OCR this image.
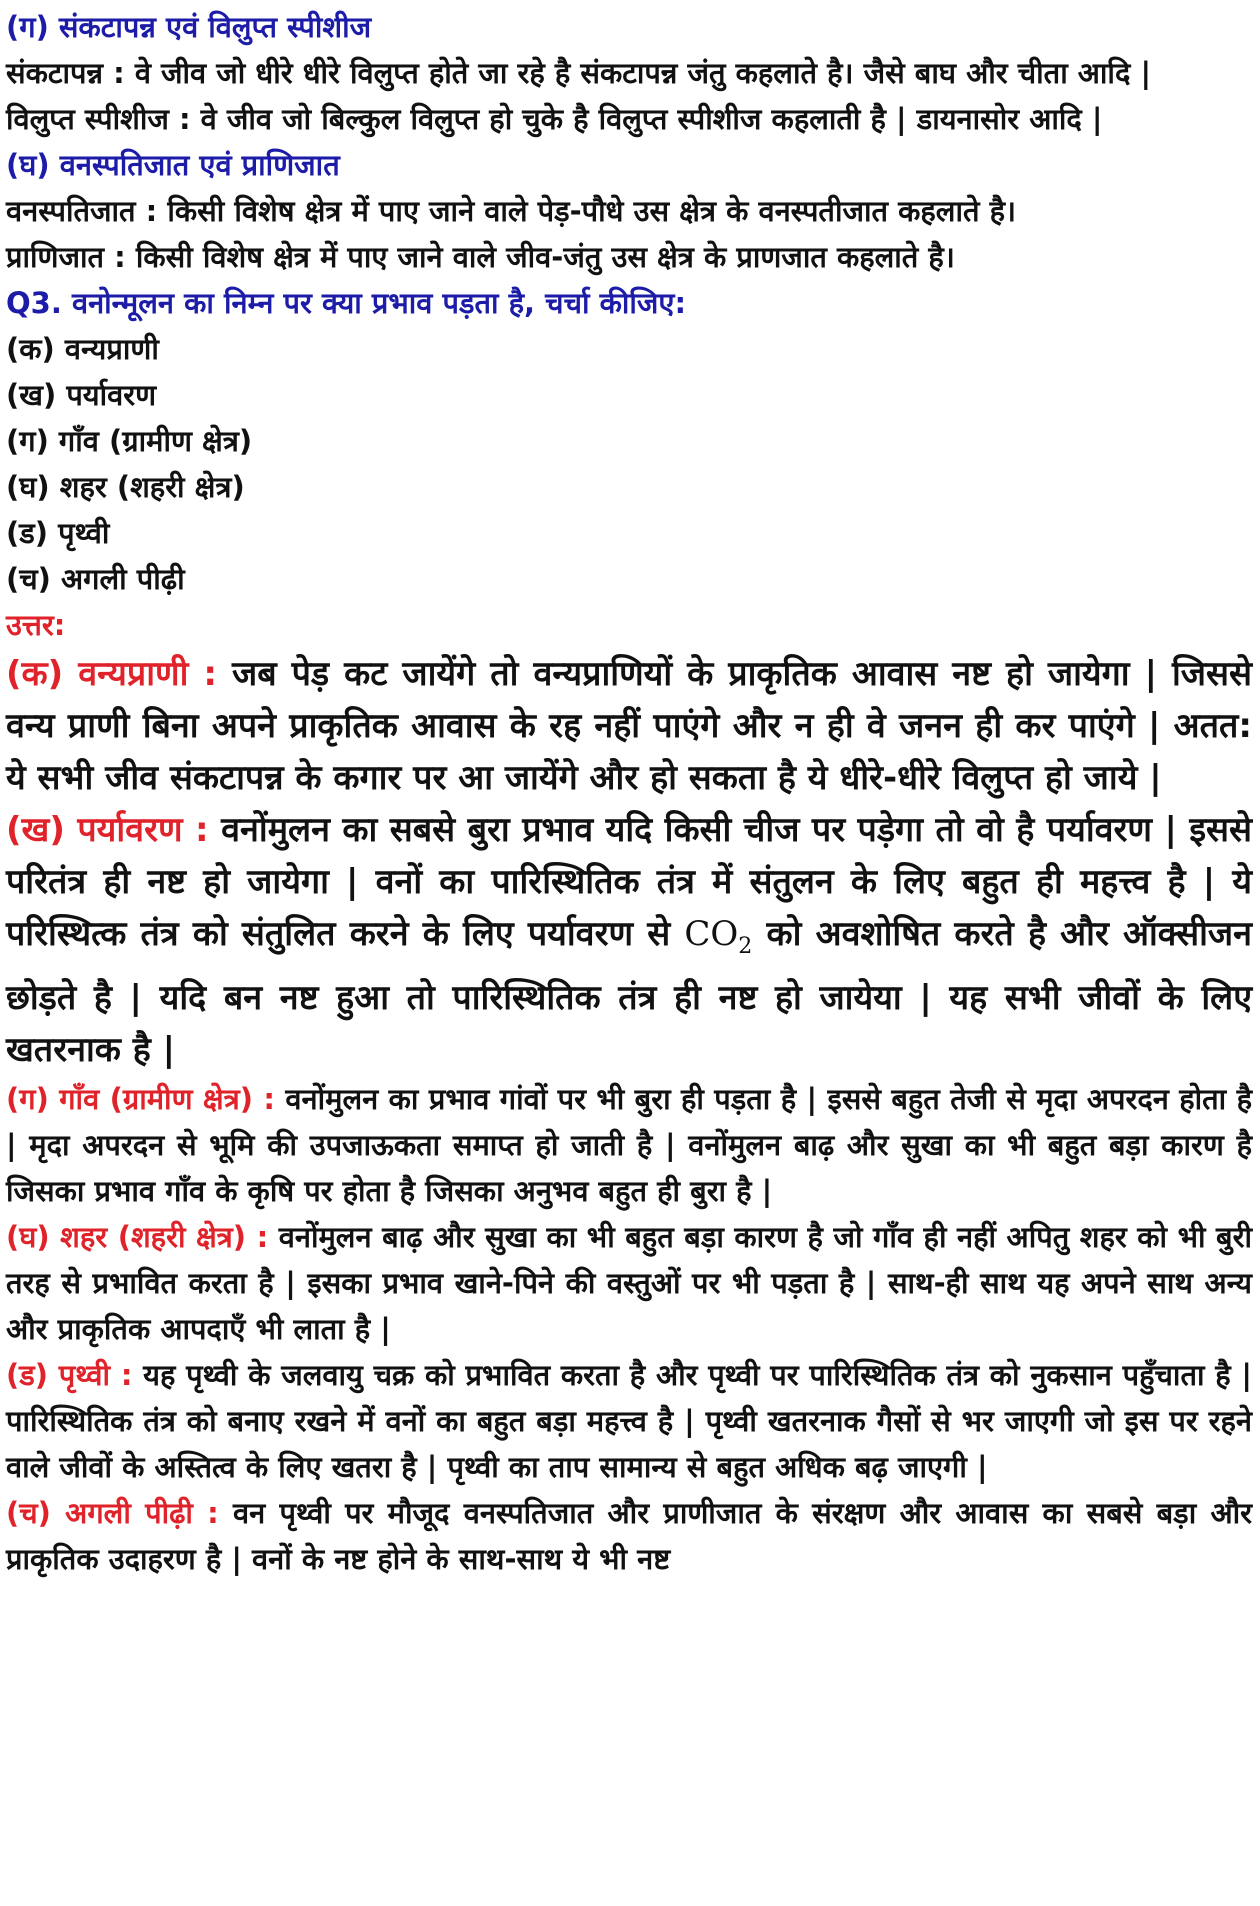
(ग) संकटापन्न एवं विलुप्त स्पीशीज

संकटापन्न : वे जीव जो धीरे धीरे विलुप्त होते जा रहे है संकटापन्न जंतु कहलाते है। जैसे बाघ और चीता आदि |

विलुप्त स्पीशीज : वे जीव जो बिल्कुल विलुप्त हो चुके है विलुप्त स्पीशीज कहलाती है | डायनासोर आदि |

(घ) वनस्पतिजात एवं प्राणिजात

वनस्पतिजात : किसी विशेष क्षेत्र में पाए जाने वाले पेड़-पौधे उस क्षेत्र के वनस्पतीजात कहलाते है।

प्राणिजात : किसी विशेष क्षेत्र में पाए जाने वाले जीव-जंतु उस क्षेत्र के प्राणजात कहलाते है।

Q3. वनोन्मूलन का निम्न पर क्या प्रभाव पड़ता है, चर्चा कीजिए:

(क) वन्यप्राणी

(ख) पर्यावरण

(ग) गाँव (ग्रामीण क्षेत्र)

(घ) शहर (शहरी क्षेत्र)

(ड) पृथ्वी

(च) अगली पीढ़ी

उत्तर:

(क) वन्यप्राणी : जब पेड़ कट जायेंगे तो वन्यप्राणियों के प्राकृतिक आवास नष्ट हो जायेगा | जिससे वन्य प्राणी बिना अपने प्राकृतिक आवास के रह नहीं पाएंगे और न ही वे जनन ही कर पाएंगे | अतत: ये सभी जीव संकटापन्न के कगार पर आ जायेंगे और हो सकता है ये धीरे-धीरे विलुप्त हो जाये |

(ख) पर्यावरण : वनोंमुलन का सबसे बुरा प्रभाव यदि किसी चीज पर पड़ेगा तो वो है पर्यावरण | इससे परितंत्र ही नष्ट हो जायेगा | वनों का पारिस्थितिक तंत्र में संतुलन के लिए बहुत ही महत्त्व है | ये परिस्थित्क तंत्र को संतुलित करने के लिए पर्यावरण से $CO_2$ को अवशोषित करते है और ऑक्सीजन छोड़ते है | यदि बन नष्ट हुआ तो पारिस्थितिक तंत्र ही नष्ट हो जायेया | यह सभी जीवों के लिए खतरनाक है |

(ग) गाँव (ग्रामीण क्षेत्र) : वनोंमुलन का प्रभाव गांवों पर भी बुरा ही पड़ता है | इससे बहुत तेजी से मृदा अपरदन होता है | मृदा अपरदन से भूमि की उपजाऊकता समाप्त हो जाती है | वनोंमुलन बाढ़ और सुखा का भी बहुत बड़ा कारण है जिसका प्रभाव गाँव के कृषि पर होता है जिसका अनुभव बहुत ही बुरा है |

(घ) शहर (शहरी क्षेत्र) : वनोंमुलन बाढ़ और सुखा का भी बहुत बड़ा कारण है जो गाँव ही नहीं अपितु शहर को भी बुरी तरह से प्रभावित करता है | इसका प्रभाव खाने-पिने की वस्तुओं पर भी पड़ता है | साथ-ही साथ यह अपने साथ अन्य और प्राकृतिक आपदाएँ भी लाता है |

(ड) पृथ्वी : यह पृथ्वी के जलवायु चक्र को प्रभावित करता है और पृथ्वी पर पारिस्थितिक तंत्र को नुकसान पहुँचाता है | पारिस्थितिक तंत्र को बनाए रखने में वनों का बहुत बड़ा महत्त्व है | पृथ्वी खतरनाक गैसों से भर जाएगी जो इस पर रहने वाले जीवों के अस्तित्व के लिए खतरा है | पृथ्वी का ताप सामान्य से बहुत अधिक बढ़ जाएगी |

(च) अगली पीढ़ी : वन पृथ्वी पर मौजूद वनस्पतिजात और प्राणीजात के संरक्षण और आवास का सबसे बड़ा और प्राकृतिक उदाहरण है | वनों के नष्ट होने के साथ-साथ ये भी नष्ट
